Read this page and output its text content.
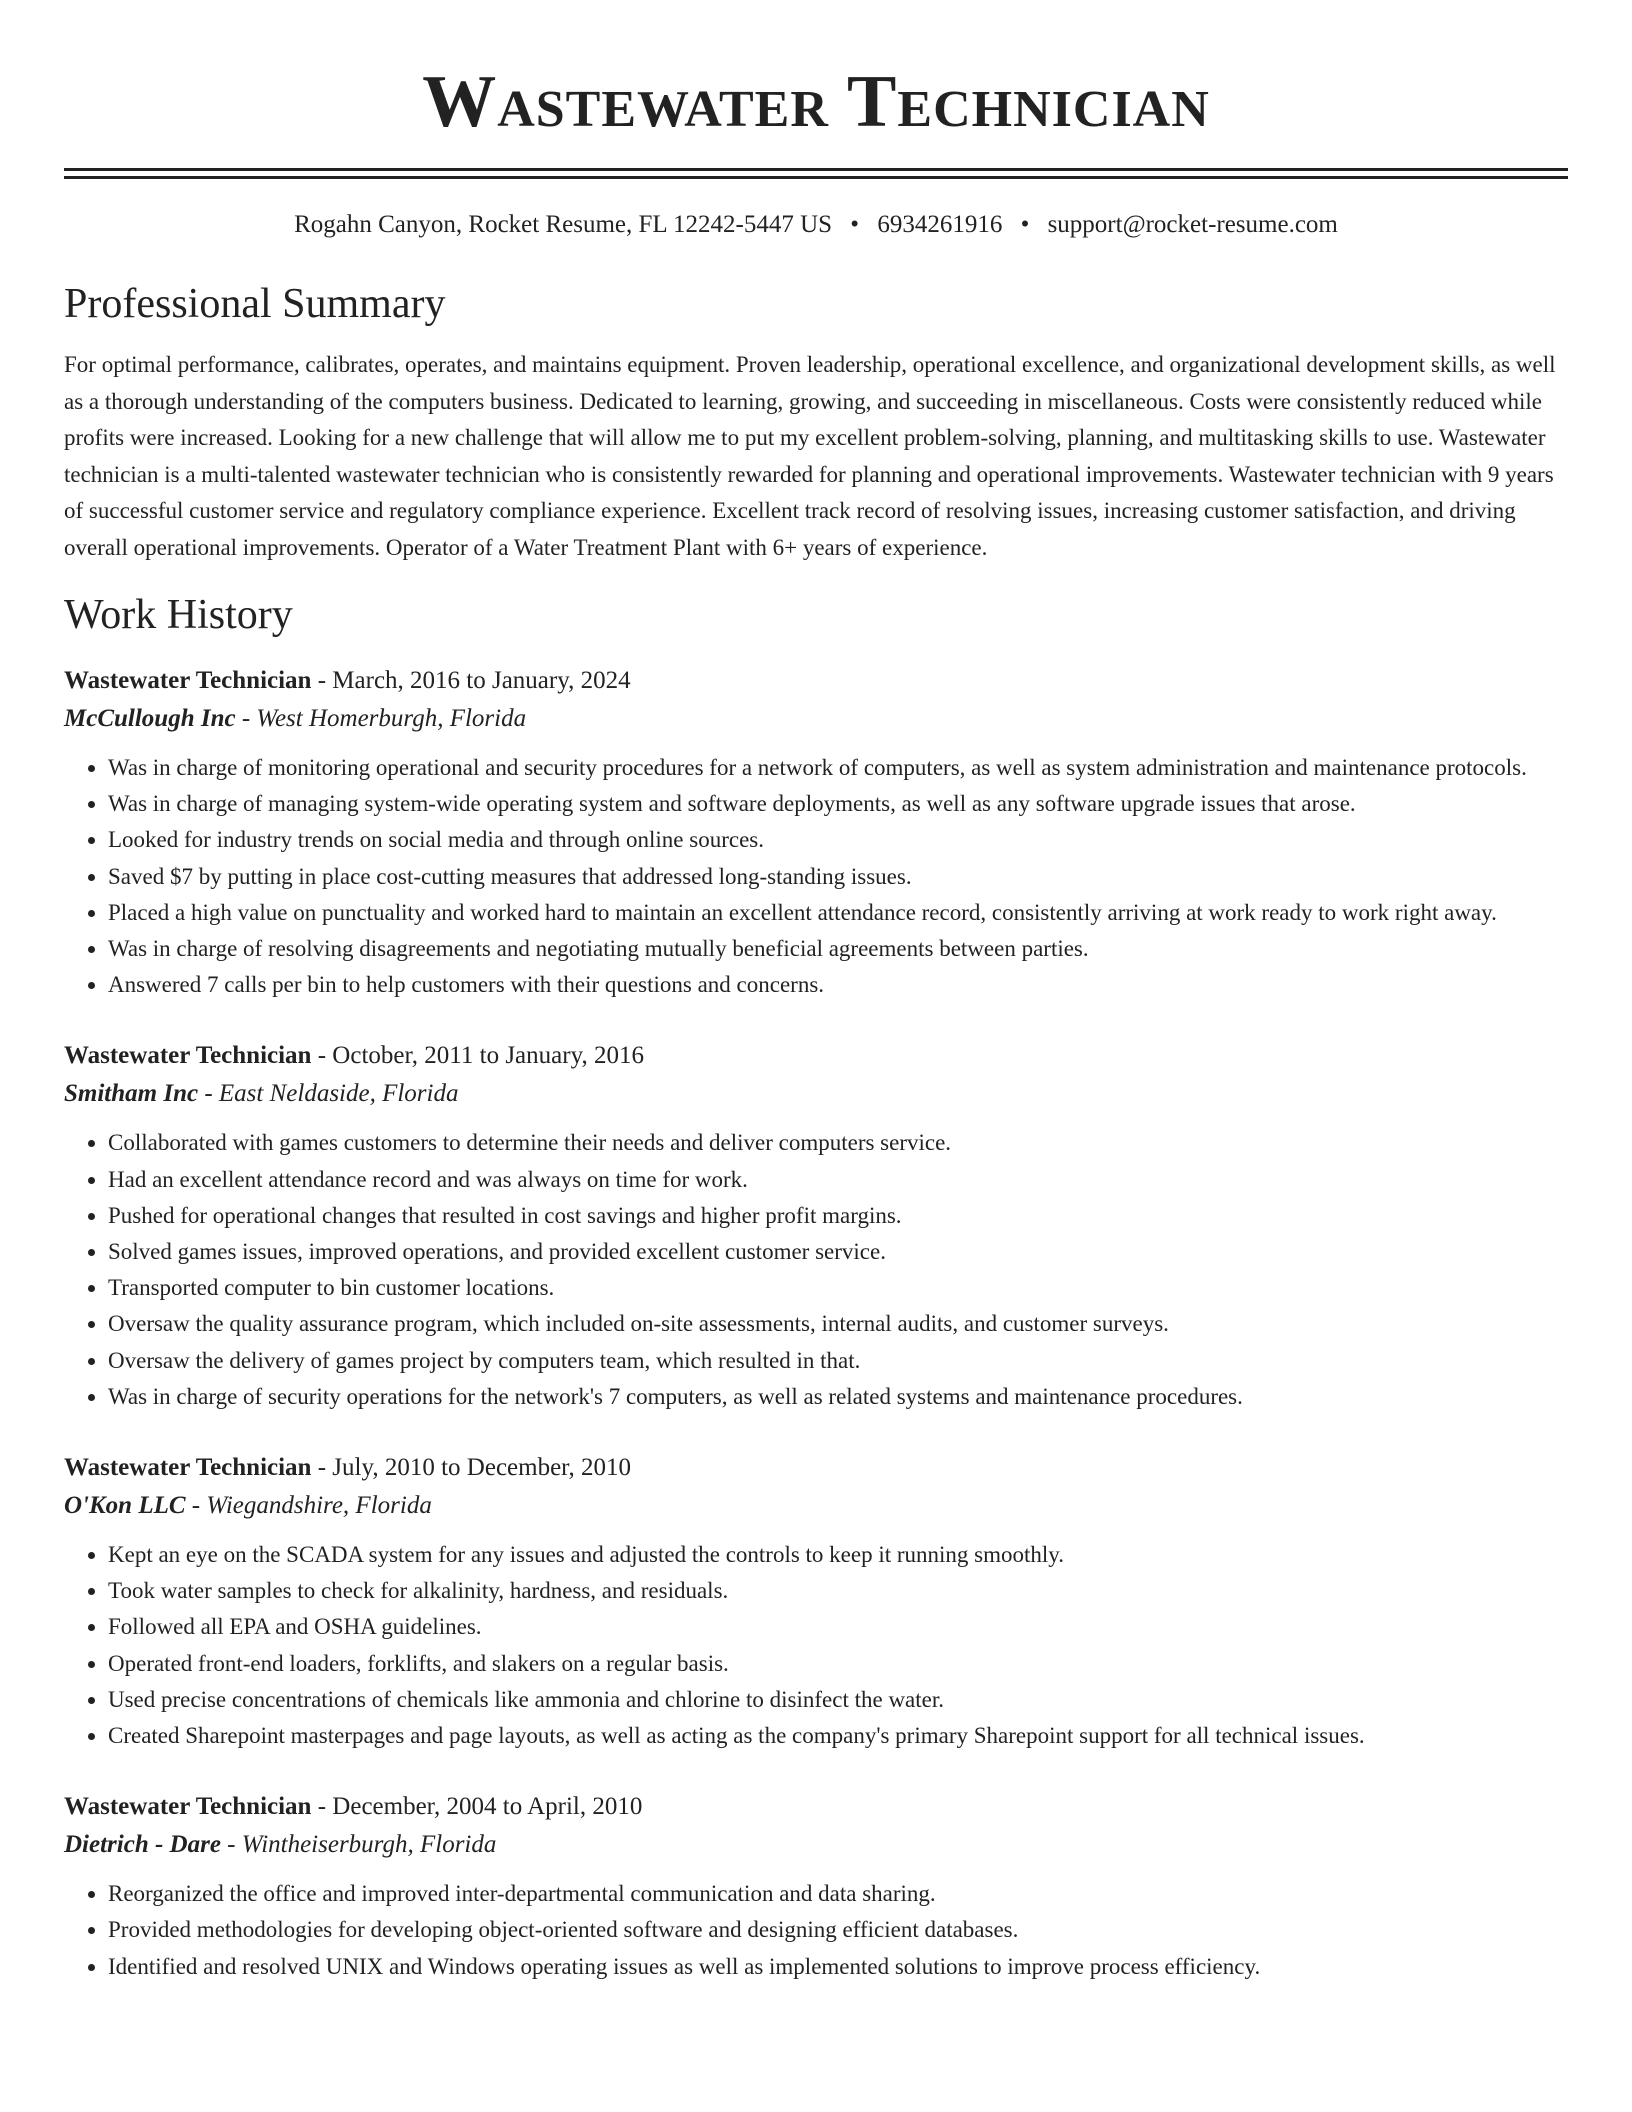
Wastewater Technician
Rogahn Canyon, Rocket Resume, FL 12242-5447 US • 6934261916 • support@rocket-resume.com
Professional Summary

For optimal performance, calibrates, operates, and maintains equipment. Proven leadership, operational excellence, and organizational development skills, as well as a thorough understanding of the computers business. Dedicated to learning, growing, and succeeding in miscellaneous. Costs were consistently reduced while profits were increased. Looking for a new challenge that will allow me to put my excellent problem-solving, planning, and multitasking skills to use. Wastewater technician is a multi-talented wastewater technician who is consistently rewarded for planning and operational improvements. Wastewater technician with 9 years of successful customer service and regulatory compliance experience. Excellent track record of resolving issues, increasing customer satisfaction, and driving overall operational improvements. Operator of a Water Treatment Plant with 6+ years of experience.

Work History
Wastewater Technician - March, 2016 to January, 2024
McCullough Inc - West Homerburgh, Florida
• Was in charge of monitoring operational and security procedures for a network of computers, as well as system administration and maintenance protocols.
• Was in charge of managing system-wide operating system and software deployments, as well as any software upgrade issues that arose.
• Looked for industry trends on social media and through online sources.
• Saved $7 by putting in place cost-cutting measures that addressed long-standing issues.
• Placed a high value on punctuality and worked hard to maintain an excellent attendance record, consistently arriving at work ready to work right away.
• Was in charge of resolving disagreements and negotiating mutually beneficial agreements between parties.
• Answered 7 calls per bin to help customers with their questions and concerns.
Wastewater Technician - October, 2011 to January, 2016
Smitham Inc - East Neldaside, Florida
• Collaborated with games customers to determine their needs and deliver computers service.
• Had an excellent attendance record and was always on time for work.
• Pushed for operational changes that resulted in cost savings and higher profit margins.
• Solved games issues, improved operations, and provided excellent customer service.
• Transported computer to bin customer locations.
• Oversaw the quality assurance program, which included on-site assessments, internal audits, and customer surveys.
• Oversaw the delivery of games project by computers team, which resulted in that.
• Was in charge of security operations for the network's 7 computers, as well as related systems and maintenance procedures.
Wastewater Technician - July, 2010 to December, 2010
O'Kon LLC - Wiegandshire, Florida
• Kept an eye on the SCADA system for any issues and adjusted the controls to keep it running smoothly.
• Took water samples to check for alkalinity, hardness, and residuals.
• Followed all EPA and OSHA guidelines.
• Operated front-end loaders, forklifts, and slakers on a regular basis.
• Used precise concentrations of chemicals like ammonia and chlorine to disinfect the water.
• Created Sharepoint masterpages and page layouts, as well as acting as the company's primary Sharepoint support for all technical issues.
Wastewater Technician - December, 2004 to April, 2010
Dietrich - Dare - Wintheiserburgh, Florida
• Reorganized the office and improved inter-departmental communication and data sharing.
• Provided methodologies for developing object-oriented software and designing efficient databases.
• Identified and resolved UNIX and Windows operating issues as well as implemented solutions to improve process efficiency.
